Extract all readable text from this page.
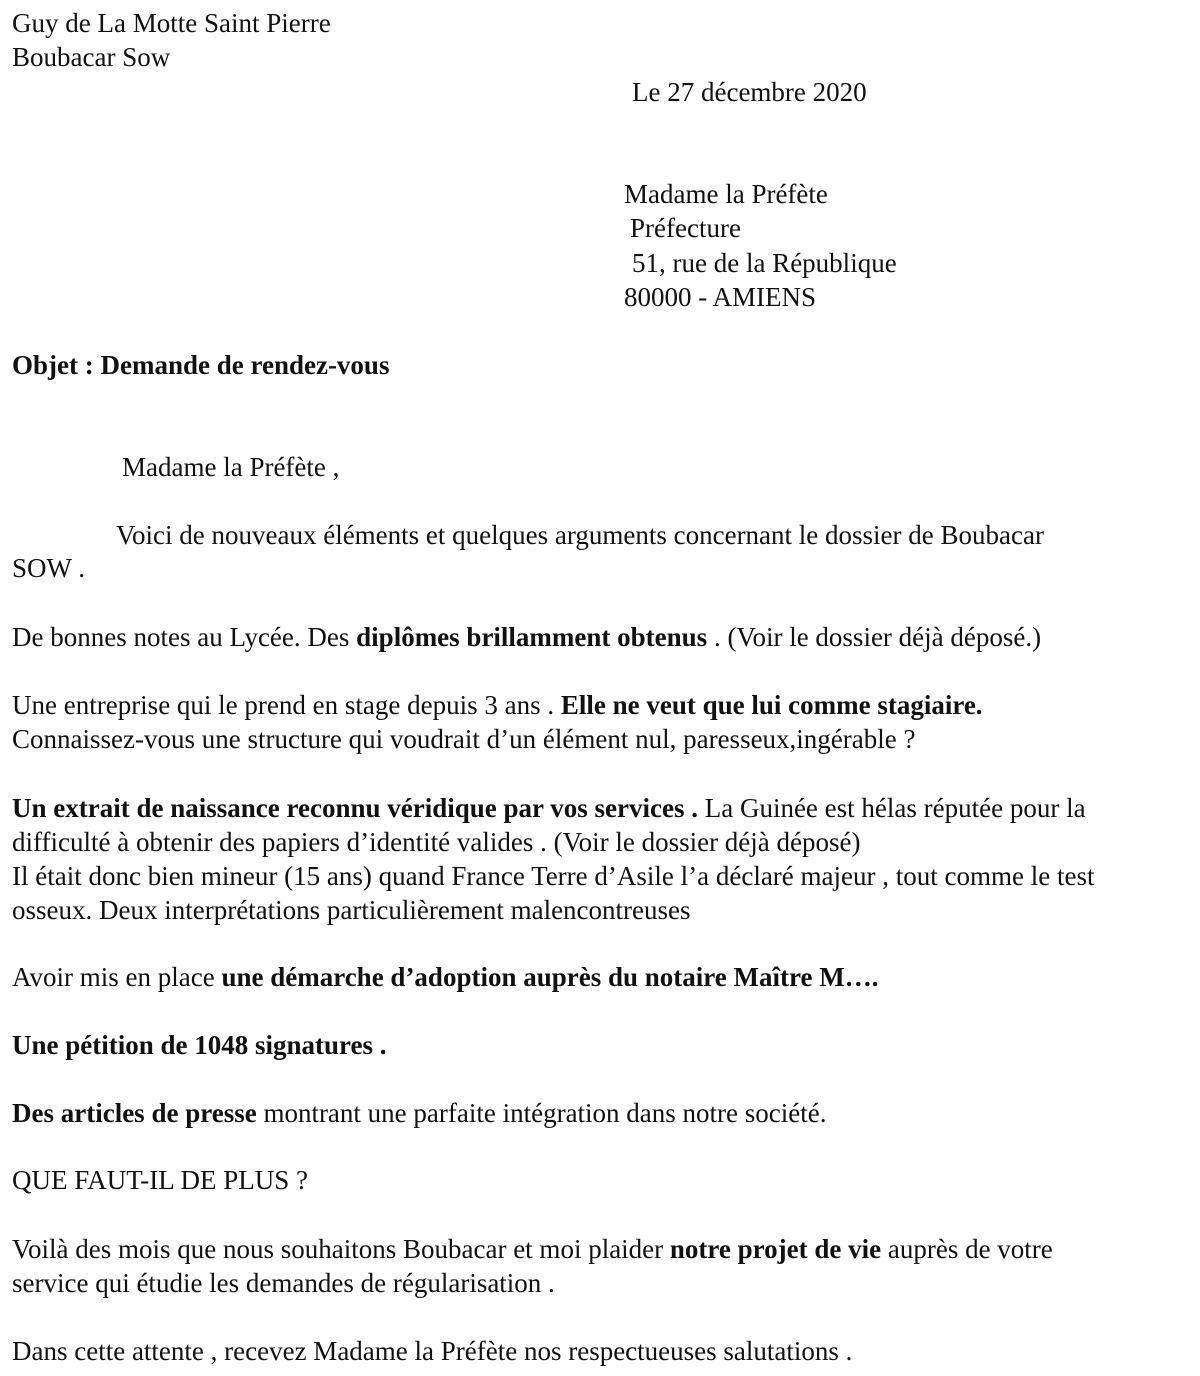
Guy de La Motte Saint Pierre
Boubacar Sow
Le 27 décembre 2020
Madame la Préfète
Préfecture
51, rue de la République
80000 - AMIENS
Objet : Demande de rendez-vous
Madame la Préfète ,
Voici de nouveaux éléments et quelques arguments concernant le dossier de Boubacar
SOW .
De bonnes notes au Lycée. Des diplômes brillamment obtenus . (Voir le dossier déjà déposé.)
Une entreprise qui le prend en stage depuis 3 ans . Elle ne veut que lui comme stagiaire.
Connaissez-vous une structure qui voudrait d’un élément nul, paresseux,ingérable ?
Un extrait de naissance reconnu véridique par vos services . La Guinée est hélas réputée pour la
difficulté à obtenir des papiers d’identité valides . (Voir le dossier déjà déposé)
Il était donc bien mineur (15 ans) quand France Terre d’Asile l’a déclaré majeur , tout comme le test
osseux. Deux interprétations particulièrement malencontreuses
Avoir mis en place une démarche d’adoption auprès du notaire Maître M….
Une pétition de 1048 signatures .
Des articles de presse montrant une parfaite intégration dans notre société.
QUE FAUT-IL DE PLUS ?
Voilà des mois que nous souhaitons Boubacar et moi plaider notre projet de vie auprès de votre
service qui étudie les demandes de régularisation .
Dans cette attente , recevez Madame la Préfète nos respectueuses salutations .
